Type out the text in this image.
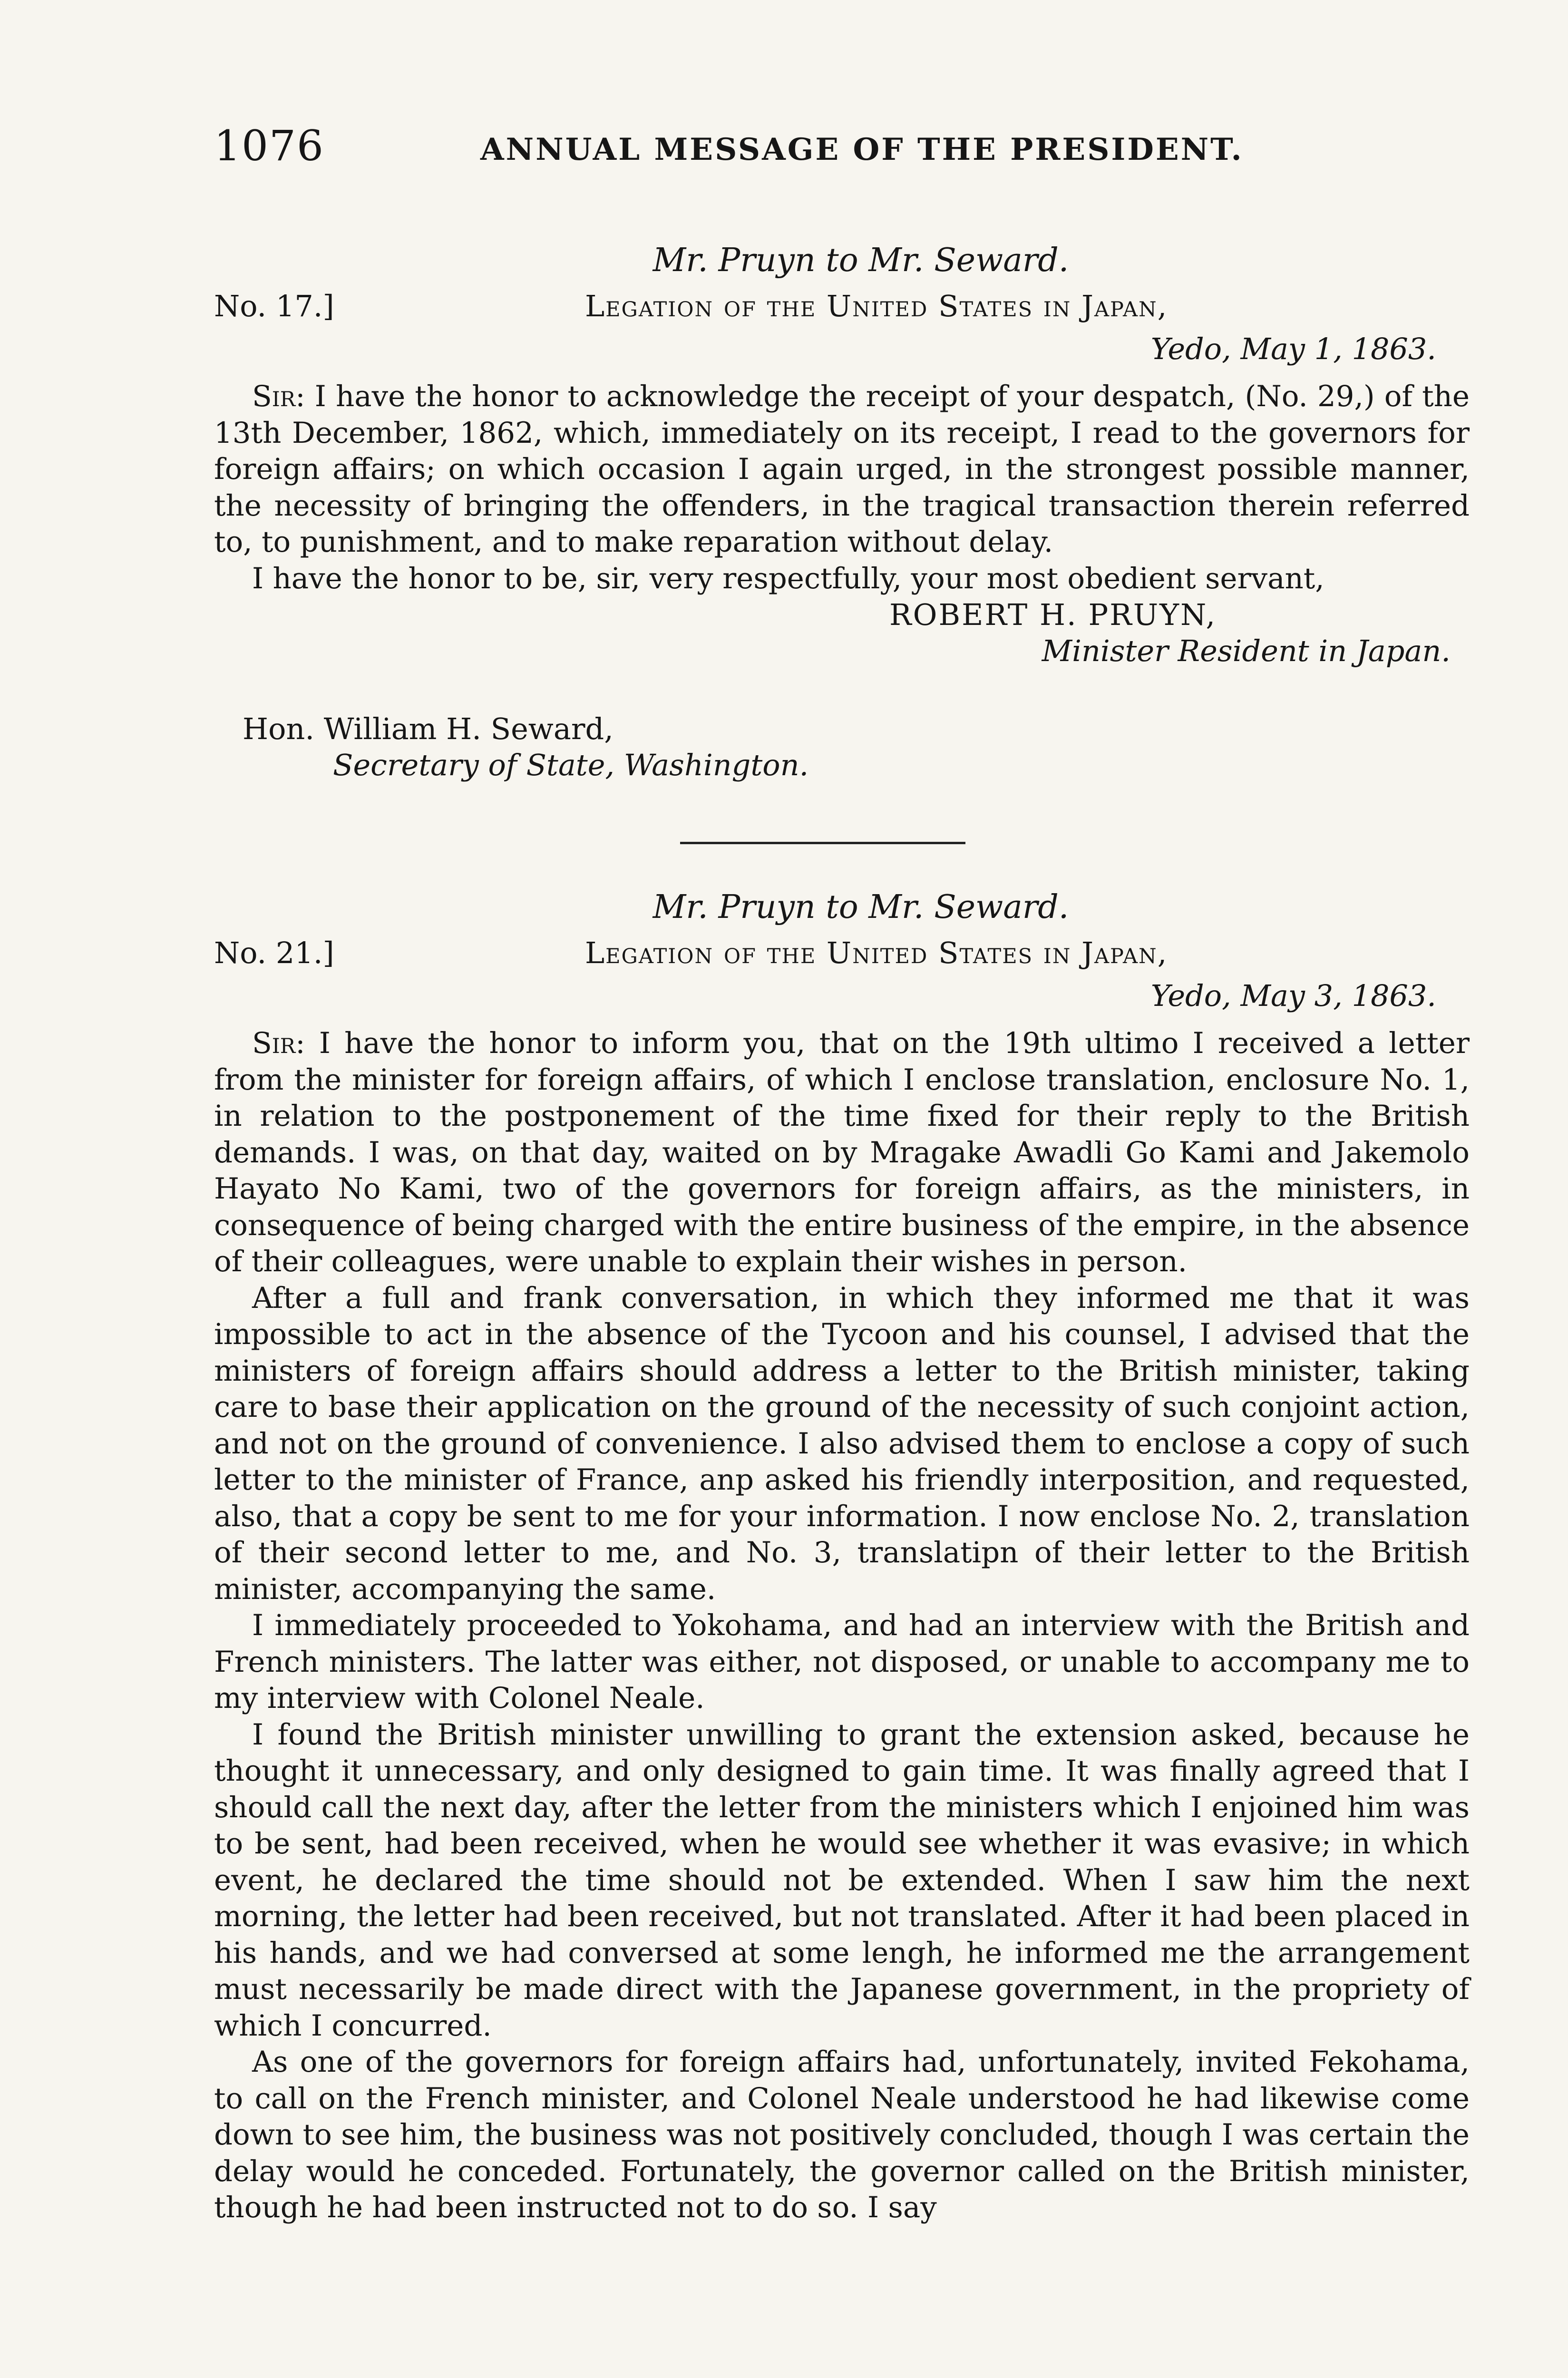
1076	ANNUAL MESSAGE OF THE PRESIDENT.
Mr. Pruyn to Mr. Seward.
No. 17.]	Legation of the United States in Japan,
Yedo, May 1, 1863.

Sir: I have the honor to acknowledge the receipt of your despatch, (No. 29,) of the 13th December, 1862, which, immediately on its receipt, I read to the governors for foreign affairs; on which occasion I again urged, in the strongest possible manner, the necessity of bringing the offenders, in the tragical transaction therein referred to, to punishment, and to make reparation without delay.

I have the honor to be, sir, very respectfully, your most obedient servant,

ROBERT H. PRUYN,
Minister Resident in Japan.
Hon. William H. Seward,
Secretary of State, Washington.
Mr. Pruyn to Mr. Seward.
No. 21.]	Legation of the United States in Japan,
Yedo, May 3, 1863.

Sir: I have the honor to inform you, that on the 19th ultimo I received a letter from the minister for foreign affairs, of which I enclose translation, enclosure No. 1, in relation to the postponement of the time fixed for their reply to the British demands. I was, on that day, waited on by Mragake Awadli Go Kami and Jakemolo Hayato No Kami, two of the governors for foreign affairs, as the ministers, in consequence of being charged with the entire business of the empire, in the absence of their colleagues, were unable to explain their wishes in person.

After a full and frank conversation, in which they informed me that it was impossible to act in the absence of the Tycoon and his counsel, I advised that the ministers of foreign affairs should address a letter to the British minister, taking care to base their application on the ground of the necessity of such conjoint action, and not on the ground of convenience. I also advised them to enclose a copy of such letter to the minister of France, anp asked his friendly interposition, and requested, also, that a copy be sent to me for your information. I now enclose No. 2, translation of their second letter to me, and No. 3, translatipn of their letter to the British minister, accompanying the same.

I immediately proceeded to Yokohama, and had an interview with the British and French ministers. The latter was either, not disposed, or unable to accompany me to my interview with Colonel Neale.

I found the British minister unwilling to grant the extension asked, because he thought it unnecessary, and only designed to gain time. It was finally agreed that I should call the next day, after the letter from the ministers which I enjoined him was to be sent, had been received, when he would see whether it was evasive; in which event, he declared the time should not be extended. When I saw him the next morning, the letter had been received, but not translated. After it had been placed in his hands, and we had conversed at some lengh, he informed me the arrangement must necessarily be made direct with the Japanese government, in the propriety of which I concurred.

As one of the governors for foreign affairs had, unfortunately, invited Fekohama, to call on the French minister, and Colonel Neale understood he had likewise come down to see him, the business was not positively concluded, though I was certain the delay would he conceded. Fortunately, the governor called on the British minister, though he had been instructed not to do so. I say
